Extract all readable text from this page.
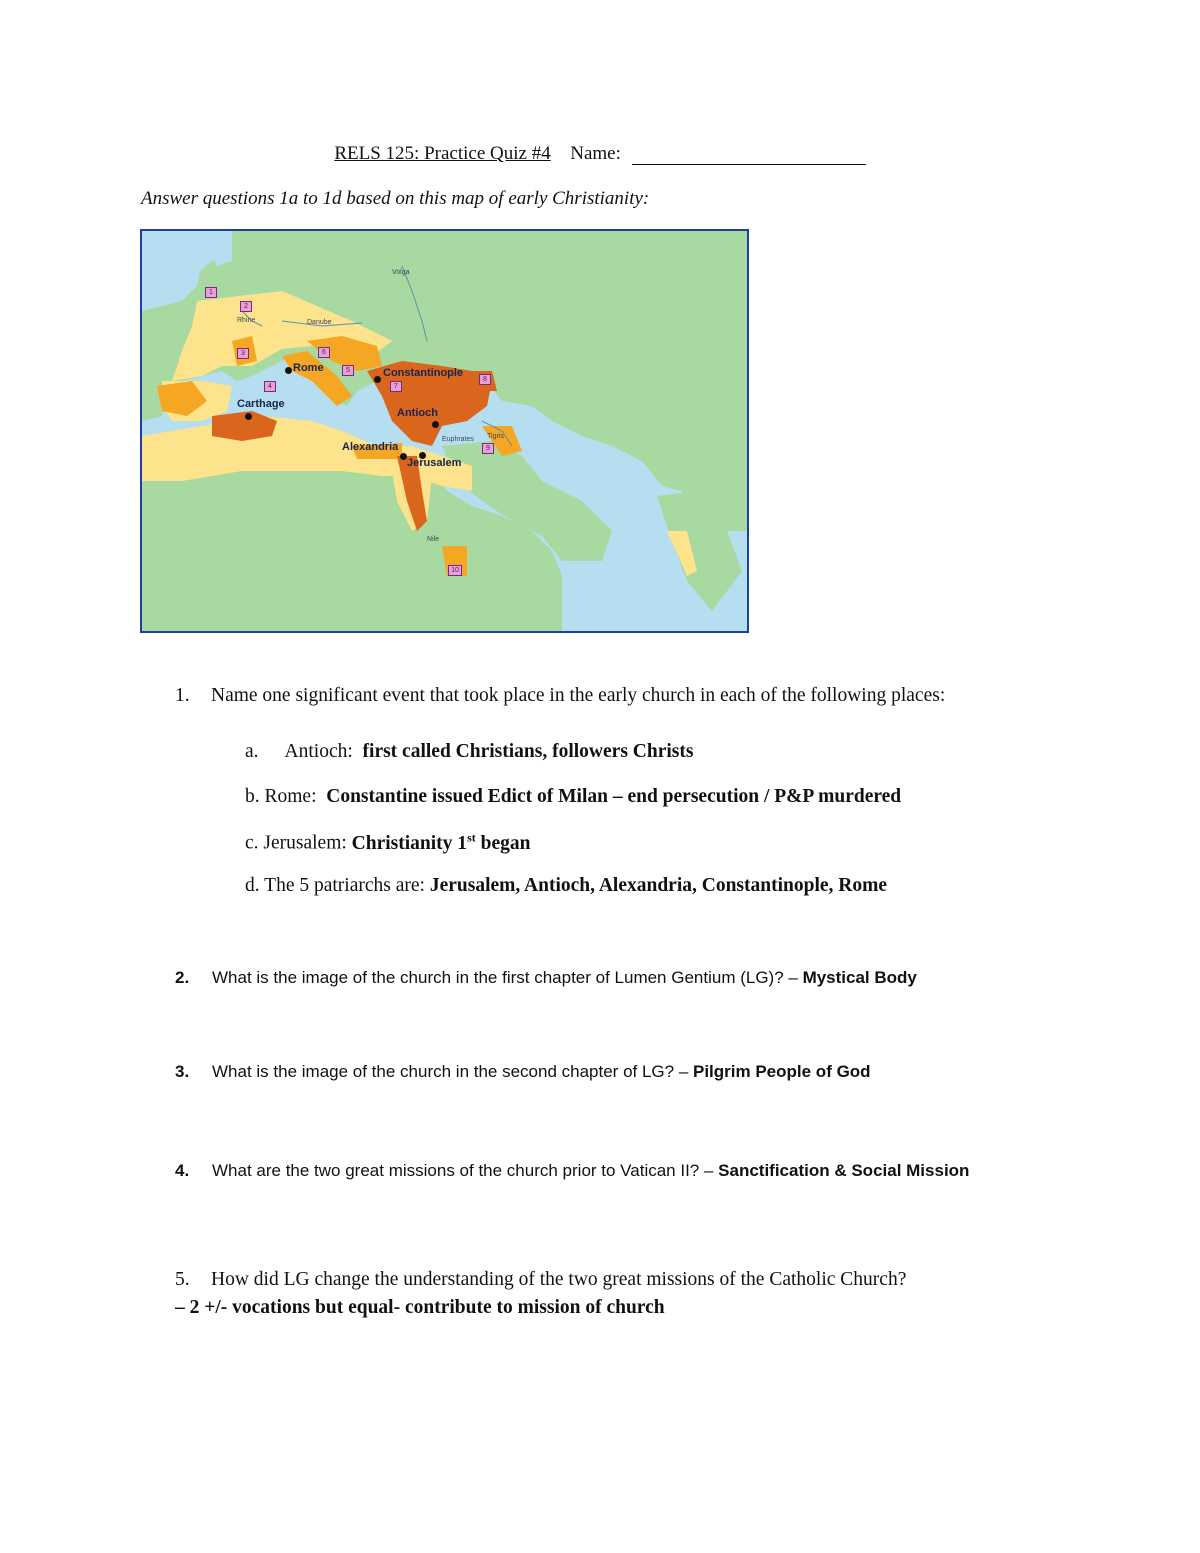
RELS 125: Practice Quiz #4 Name:
Answer questions 1a to 1d based on this map of early Christianity:
Rome	Constantinople
Carthage
Antioch
Alexandria
Jerusalem
Rhine	Danube
Volga
Nile
Euphrates Tigris
1
2
3
4
5
6
7
8
9
10
1. Name one significant event that took place in the early church in each of the following places:
a. Antioch: first called Christians, followers Christs
b. Rome: Constantine issued Edict of Milan – end persecution / P&P murdered
c. Jerusalem: Christianity 1st began
d. The 5 patriarchs are: Jerusalem, Antioch, Alexandria, Constantinople, Rome
2. What is the image of the church in the first chapter of Lumen Gentium (LG)? – Mystical Body
3. What is the image of the church in the second chapter of LG? – Pilgrim People of God
4. What are the two great missions of the church prior to Vatican II? – Sanctification & Social Mission
5. How did LG change the understanding of the two great missions of the Catholic Church?
– 2 +/- vocations but equal- contribute to mission of church
